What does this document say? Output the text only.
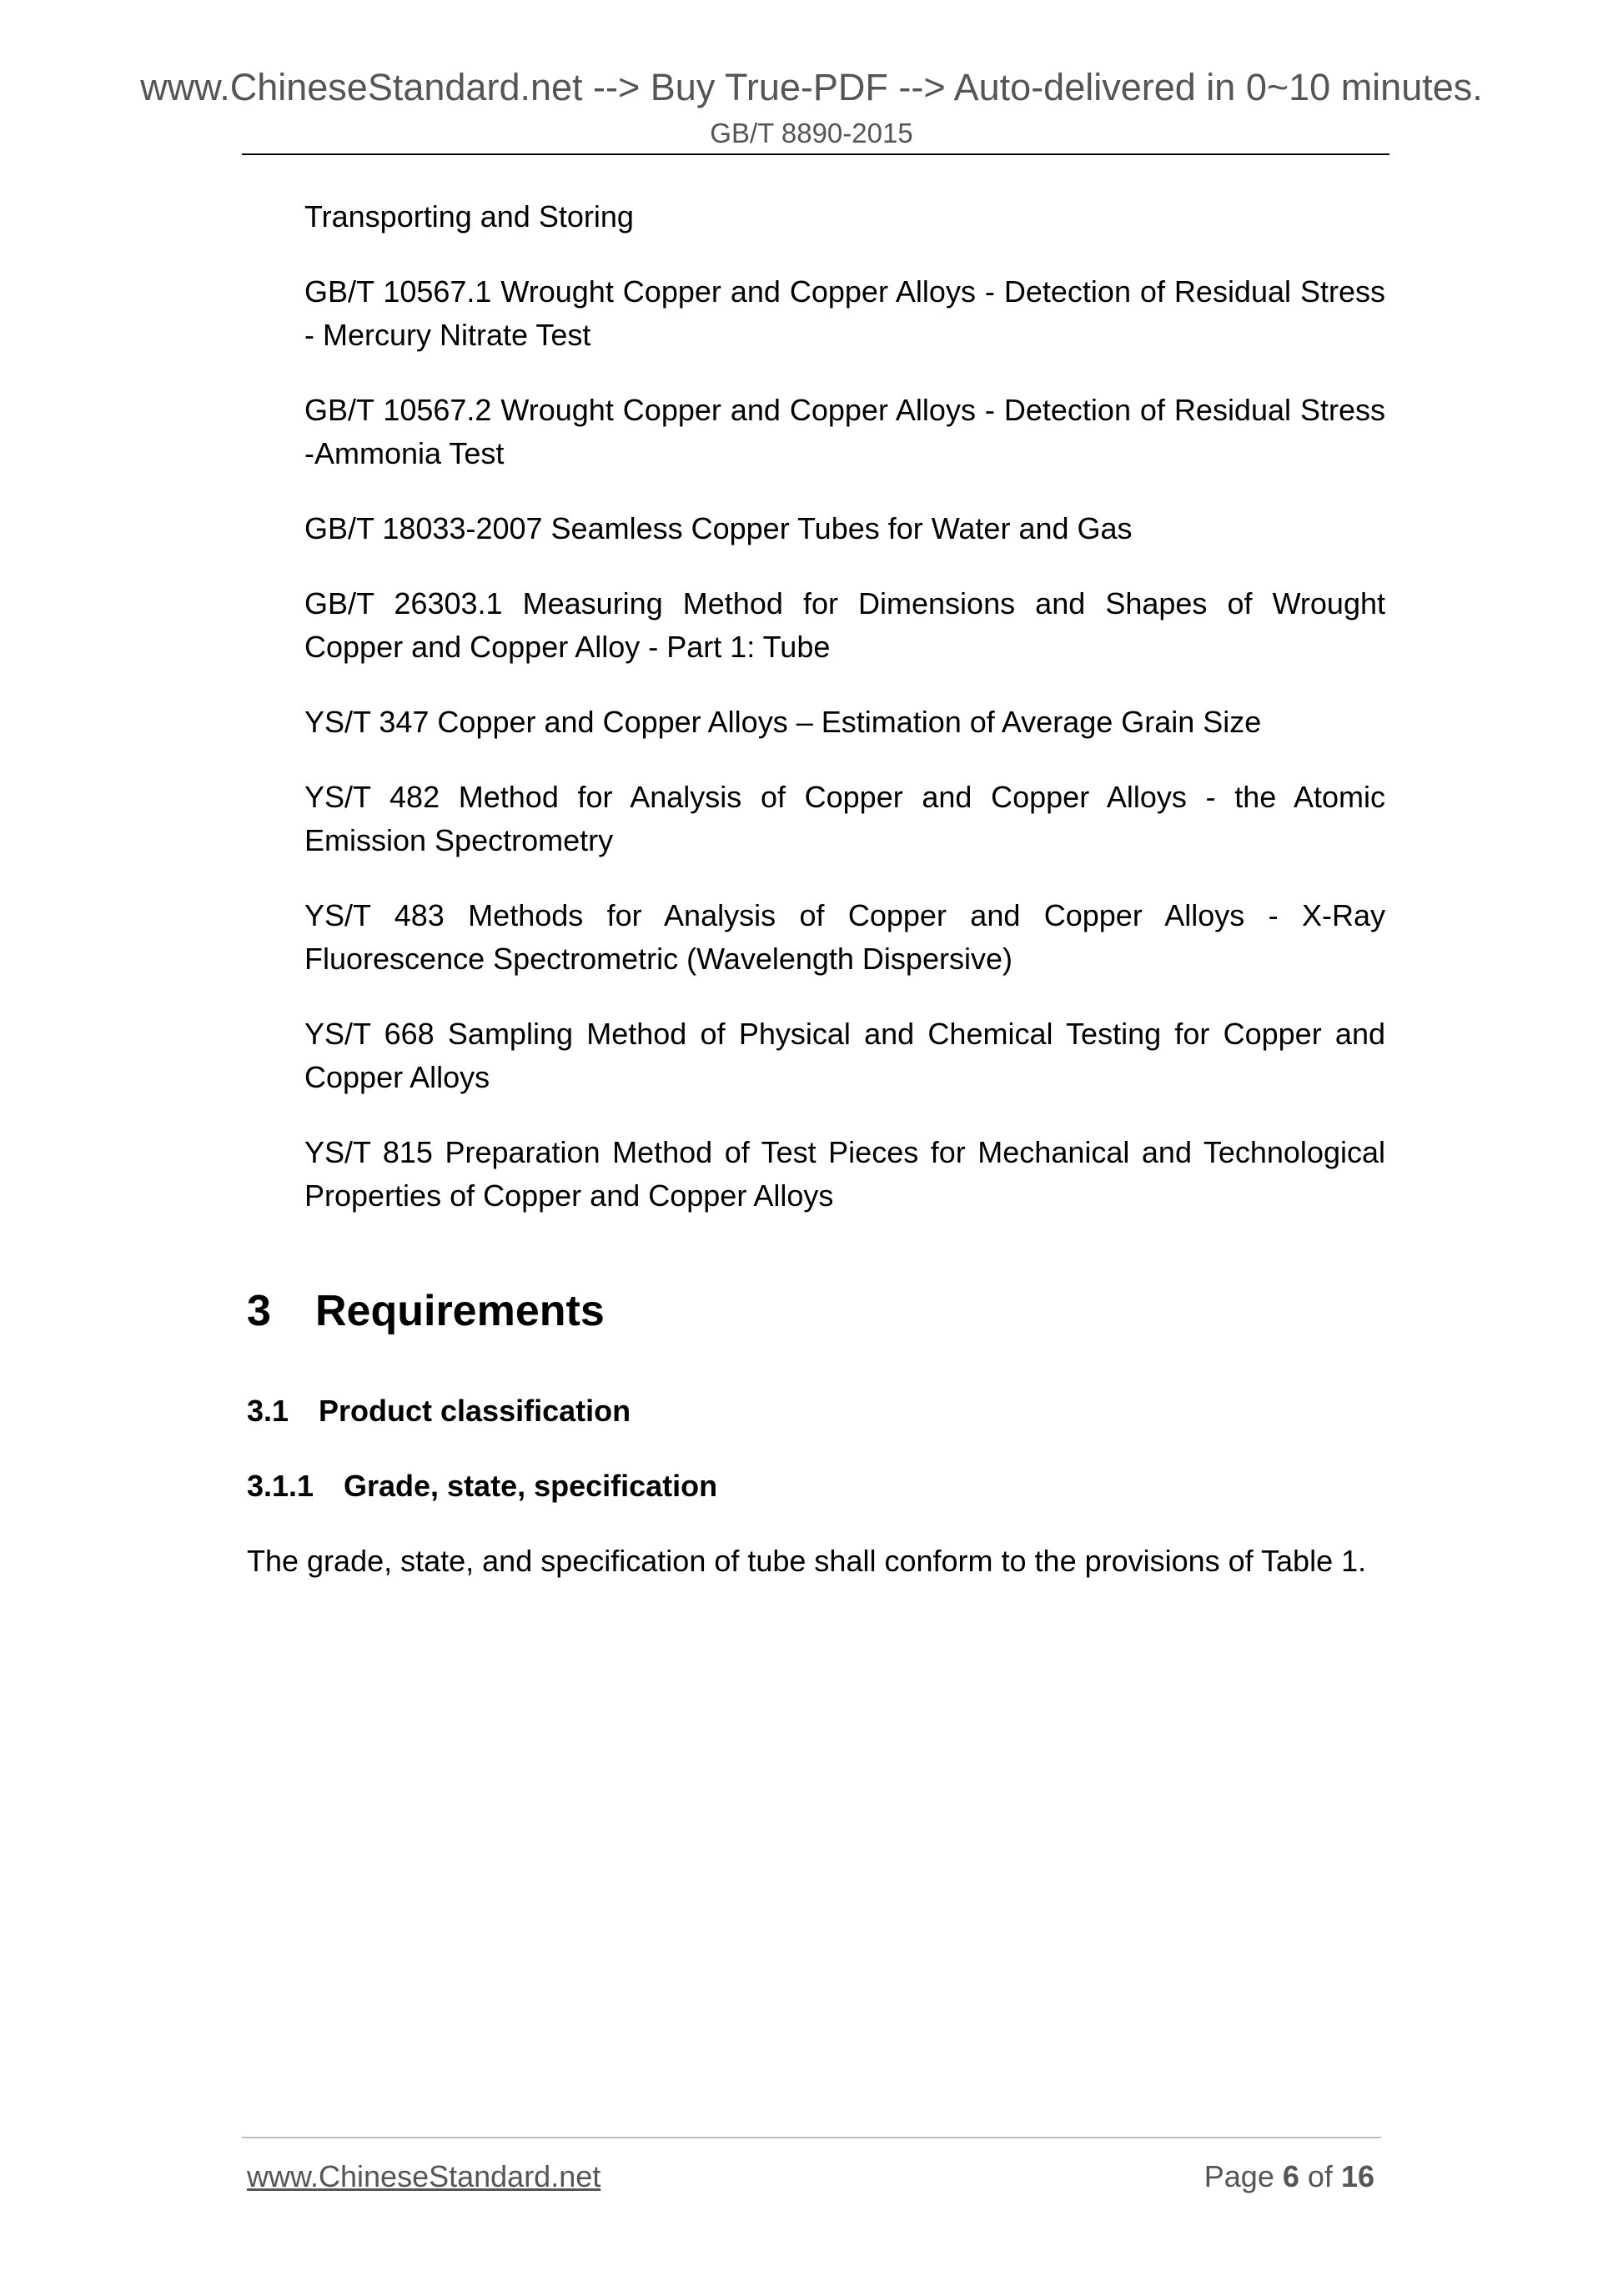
www.ChineseStandard.net --> Buy True-PDF --> Auto-delivered in 0~10 minutes.
GB/T 8890-2015
Transporting and Storing
GB/T 10567.1 Wrought Copper and Copper Alloys - Detection of Residual Stress - Mercury Nitrate Test
GB/T 10567.2 Wrought Copper and Copper Alloys - Detection of Residual Stress -Ammonia Test
GB/T 18033-2007 Seamless Copper Tubes for Water and Gas
GB/T 26303.1 Measuring Method for Dimensions and Shapes of Wrought Copper and Copper Alloy - Part 1: Tube
YS/T 347 Copper and Copper Alloys – Estimation of Average Grain Size
YS/T 482 Method for Analysis of Copper and Copper Alloys - the Atomic Emission Spectrometry
YS/T 483 Methods for Analysis of Copper and Copper Alloys - X-Ray Fluorescence Spectrometric (Wavelength Dispersive)
YS/T 668 Sampling Method of Physical and Chemical Testing for Copper and Copper Alloys
YS/T 815 Preparation Method of Test Pieces for Mechanical and Technological Properties of Copper and Copper Alloys
3 Requirements
3.1 Product classification
3.1.1 Grade, state, specification

The grade, state, and specification of tube shall conform to the provisions of Table 1.

www.ChineseStandard.net	Page 6 of 16
